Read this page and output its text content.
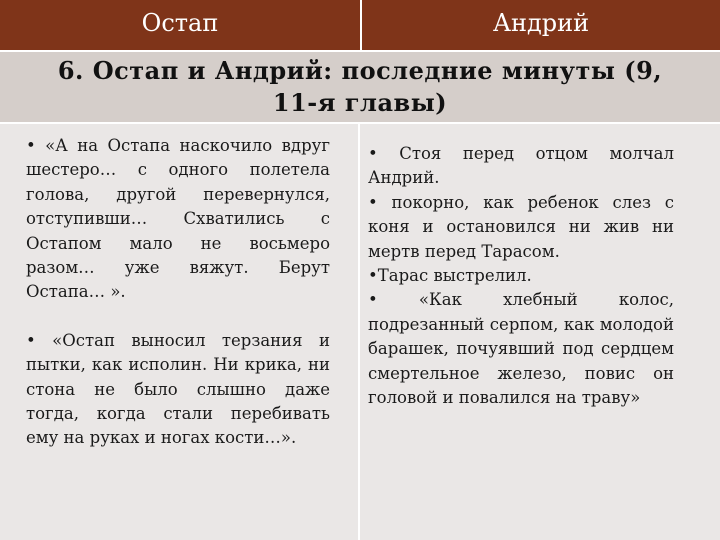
Остап	Андрий
6. Остап и Андрий: последние минуты (9, 11-я главы)

• «А на Остапа наскочило вдруг шестеро… с одного полетела голова, другой перевернулся, отступивши… Схватились с Остапом мало не восьмеро разом… уже вяжут. Берут Остапа… ».

• «Остап выносил терзания и пытки, как исполин. Ни крика, ни стона не было слышно даже тогда, когда стали перебивать ему на руках и ногах кости…».

• Стоя перед отцом молчал Андрий.

• покорно, как ребенок слез с коня и остановился ни жив ни мертв перед Тарасом.

•Тарас выстрелил.

• «Как хлебный колос, подрезанный серпом, как молодой барашек, почуявший под сердцем смертельное железо, повис он головой и повалился на траву»
